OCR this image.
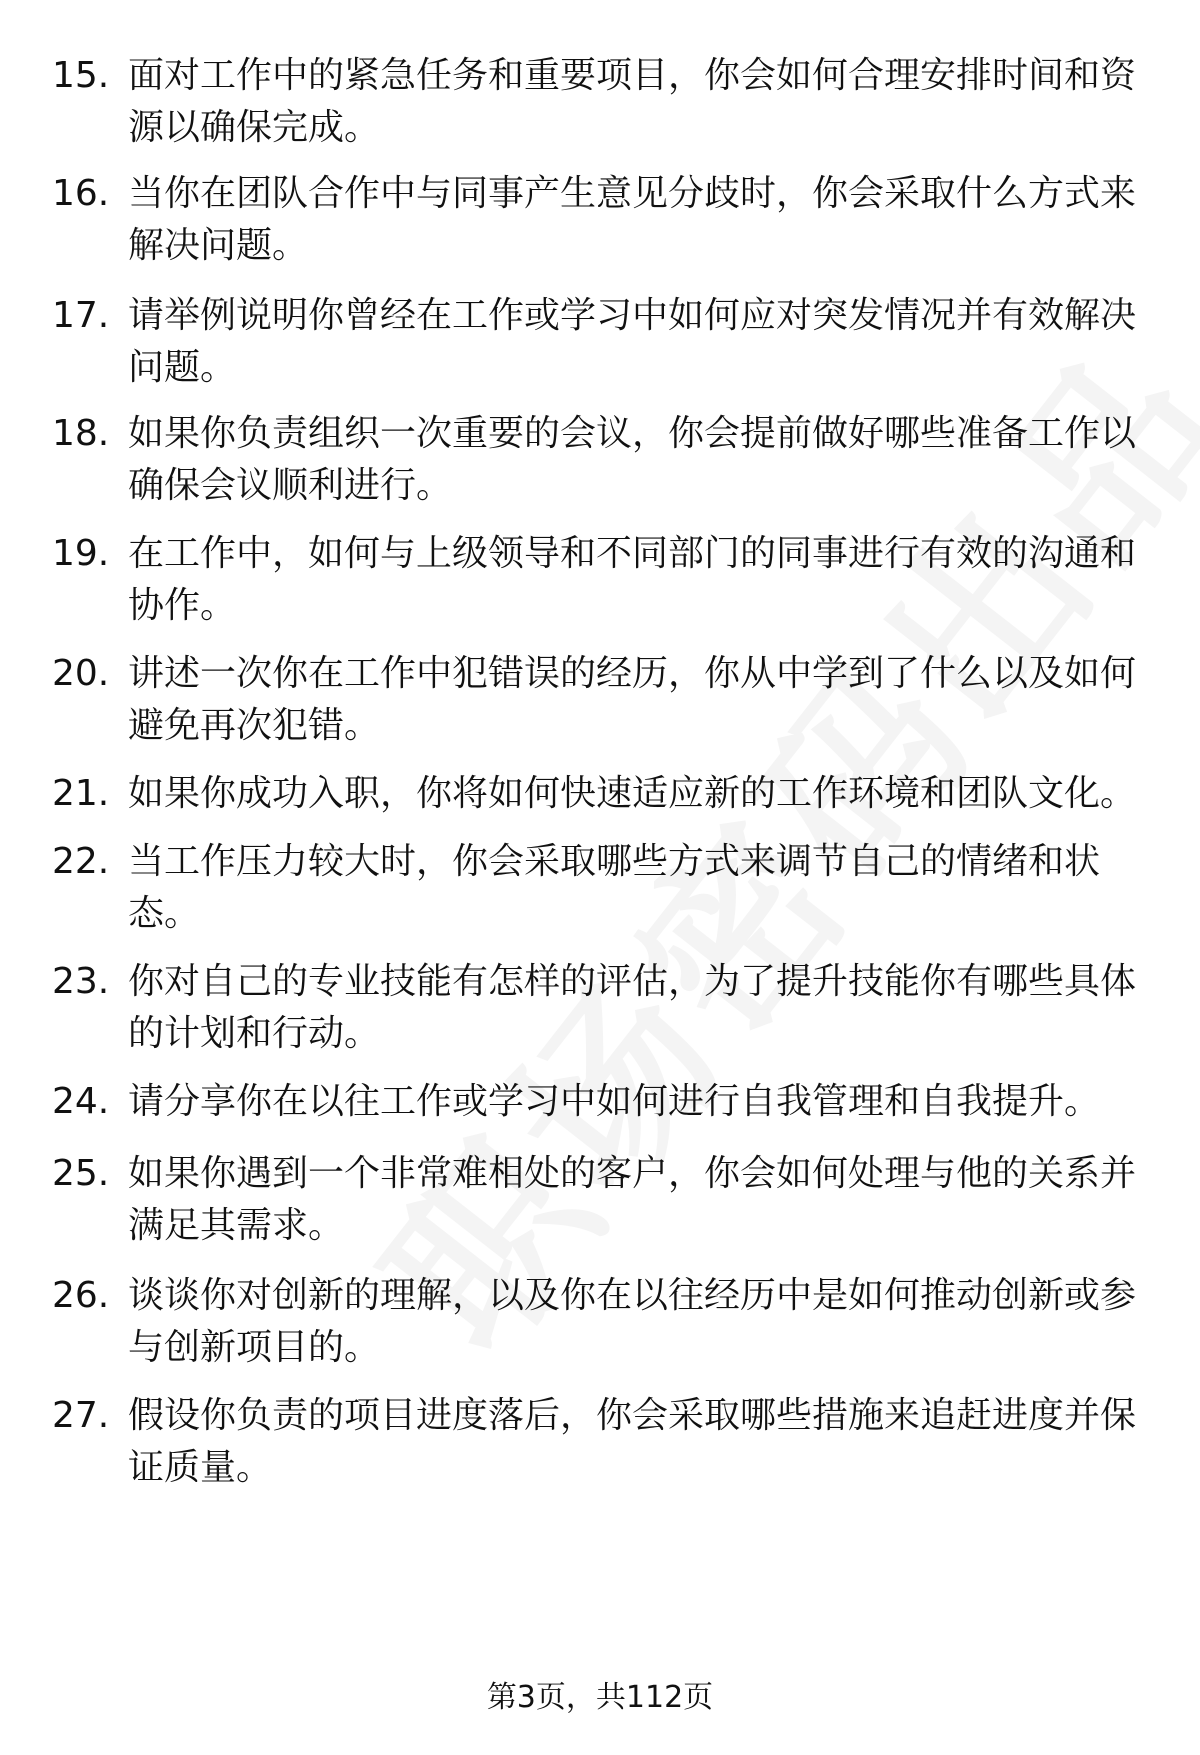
15. 面对工作中的紧急任务和重要项目，你会如何合理安排时间和资源以确保完成。
16. 当你在团队合作中与同事产生意见分歧时，你会采取什么方式来解决问题。
17. 请举例说明你曾经在工作或学习中如何应对突发情况并有效解决问题。
18. 如果你负责组织一次重要的会议，你会提前做好哪些准备工作以确保会议顺利进行。
19. 在工作中，如何与上级领导和不同部门的同事进行有效的沟通和协作。
20. 讲述一次你在工作中犯错误的经历，你从中学到了什么以及如何避免再次犯错。
21. 如果你成功入职，你将如何快速适应新的工作环境和团队文化。
22. 当工作压力较大时，你会采取哪些方式来调节自己的情绪和状态。
23. 你对自己的专业技能有怎样的评估，为了提升技能你有哪些具体的计划和行动。
24. 请分享你在以往工作或学习中如何进行自我管理和自我提升。
25. 如果你遇到一个非常难相处的客户，你会如何处理与他的关系并满足其需求。
26. 谈谈你对创新的理解，以及你在以往经历中是如何推动创新或参与创新项目的。
27. 假设你负责的项目进度落后，你会采取哪些措施来追赶进度并保证质量。
第3页，共112页
